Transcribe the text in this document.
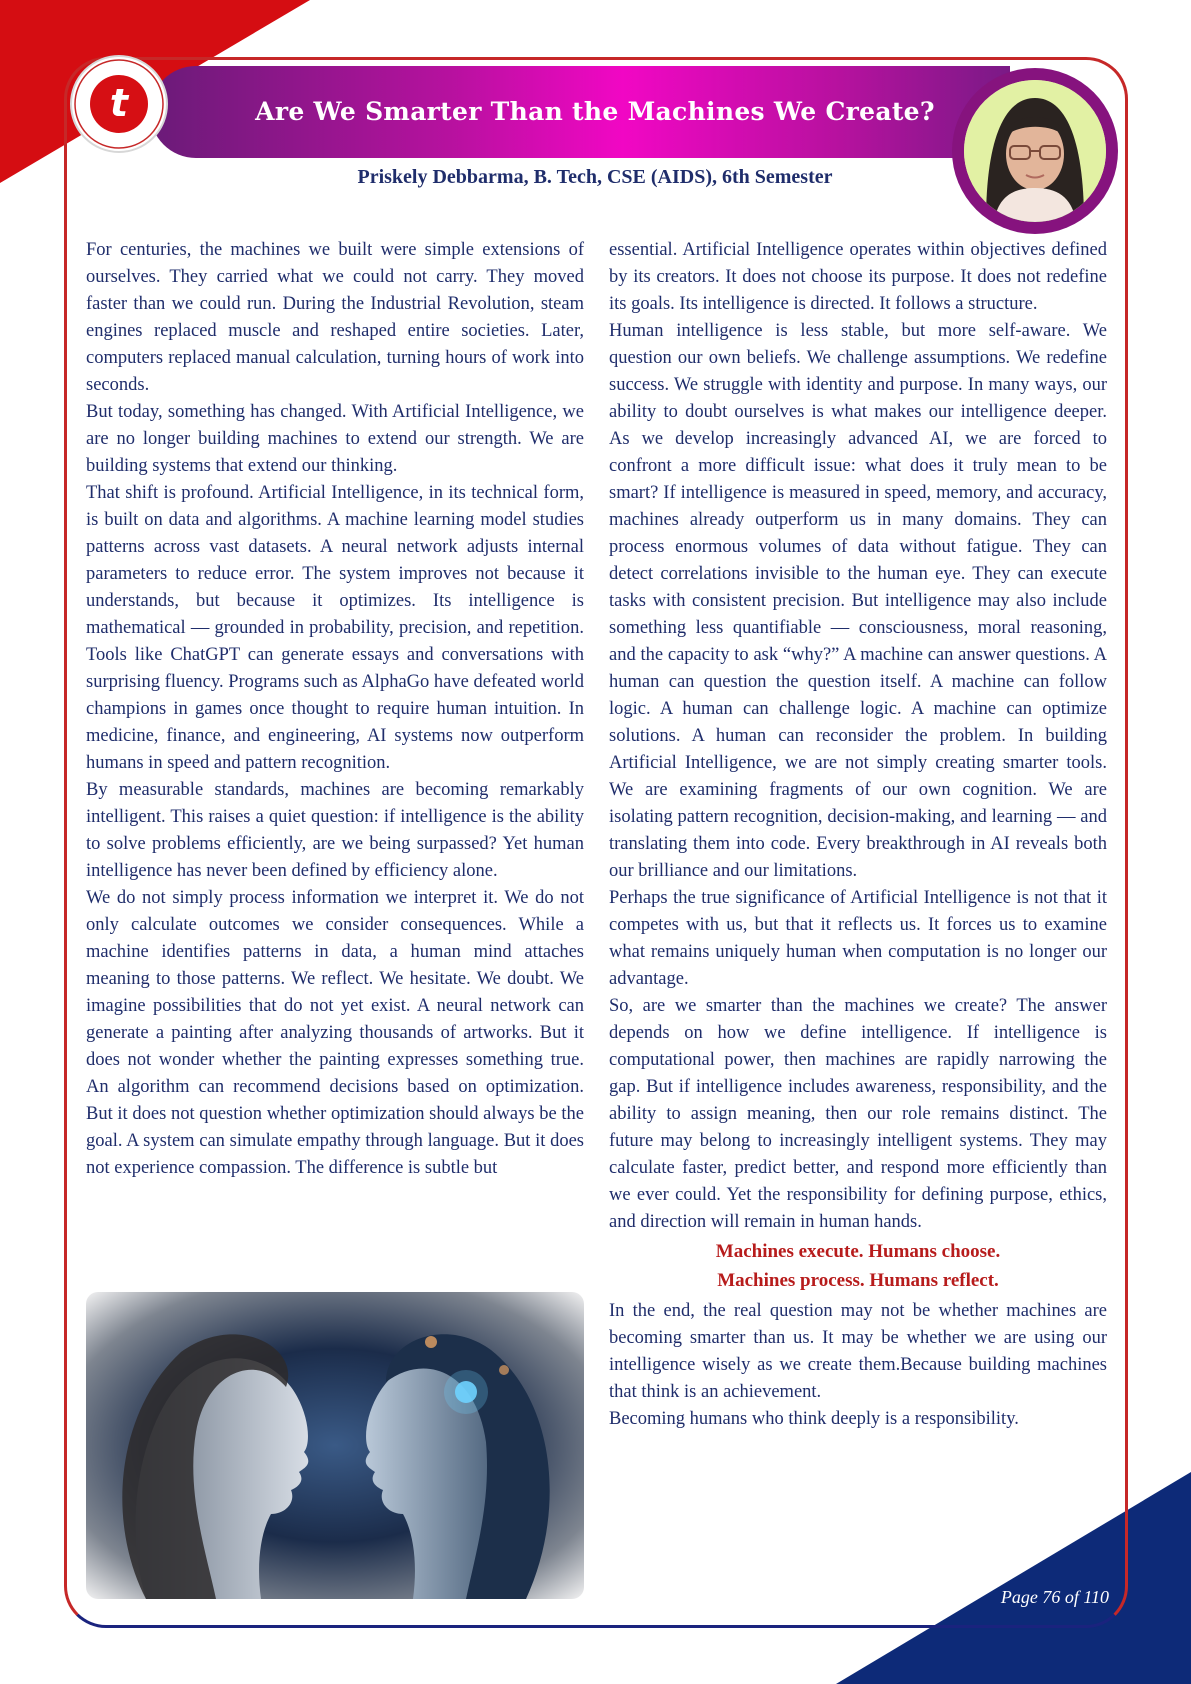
Are We Smarter Than the Machines We Create?
t
Priskely Debbarma, B. Tech, CSE (AIDS), 6th Semester

For centuries, the machines we built were simple extensions of ourselves. They carried what we could not carry. They moved faster than we could run. During the Industrial Revolution, steam engines replaced muscle and reshaped entire societies. Later, computers replaced manual calculation, turning hours of work into seconds.

But today, something has changed. With Artificial Intelligence, we are no longer building machines to extend our strength. We are building systems that extend our thinking.

That shift is profound. Artificial Intelligence, in its technical form, is built on data and algorithms. A machine learning model studies patterns across vast datasets. A neural network adjusts internal parameters to reduce error. The system improves not because it understands, but because it optimizes. Its intelligence is mathematical — grounded in probability, precision, and repetition. Tools like ChatGPT can generate essays and conversations with surprising fluency. Programs such as AlphaGo have defeated world champions in games once thought to require human intuition. In medicine, finance, and engineering, AI systems now outperform humans in speed and pattern recognition.

By measurable standards, machines are becoming remarkably intelligent. This raises a quiet question: if intelligence is the ability to solve problems efficiently, are we being surpassed? Yet human intelligence has never been defined by efficiency alone.

We do not simply process information we interpret it. We do not only calculate outcomes we consider consequences. While a machine identifies patterns in data, a human mind attaches meaning to those patterns. We reflect. We hesitate. We doubt. We imagine possibilities that do not yet exist. A neural network can generate a painting after analyzing thousands of artworks. But it does not wonder whether the painting expresses something true. An algorithm can recommend decisions based on optimization. But it does not question whether optimization should always be the goal. A system can simulate empathy through language. But it does not experience compassion. The difference is subtle but

essential. Artificial Intelligence operates within objectives defined by its creators. It does not choose its purpose. It does not redefine its goals. Its intelligence is directed. It follows a structure.

Human intelligence is less stable, but more self-aware. We question our own beliefs. We challenge assumptions. We redefine success. We struggle with identity and purpose. In many ways, our ability to doubt ourselves is what makes our intelligence deeper. As we develop increasingly advanced AI, we are forced to confront a more difficult issue: what does it truly mean to be smart? If intelligence is measured in speed, memory, and accuracy, machines already outperform us in many domains. They can process enormous volumes of data without fatigue. They can detect correlations invisible to the human eye. They can execute tasks with consistent precision. But intelligence may also include something less quantifiable — consciousness, moral reasoning, and the capacity to ask “why?” A machine can answer questions. A human can question the question itself. A machine can follow logic. A human can challenge logic. A machine can optimize solutions. A human can reconsider the problem. In building Artificial Intelligence, we are not simply creating smarter tools. We are examining fragments of our own cognition. We are isolating pattern recognition, decision-making, and learning — and translating them into code. Every breakthrough in AI reveals both our brilliance and our limitations.

Perhaps the true significance of Artificial Intelligence is not that it competes with us, but that it reflects us. It forces us to examine what remains uniquely human when computation is no longer our advantage.

So, are we smarter than the machines we create? The answer depends on how we define intelligence. If intelligence is computational power, then machines are rapidly narrowing the gap. But if intelligence includes awareness, responsibility, and the ability to assign meaning, then our role remains distinct. The future may belong to increasingly intelligent systems. They may calculate faster, predict better, and respond more efficiently than we ever could. Yet the responsibility for defining purpose, ethics, and direction will remain in human hands.

Machines execute. Humans choose.

Machines process. Humans reflect.

In the end, the real question may not be whether machines are becoming smarter than us. It may be whether we are using our intelligence wisely as we create them.Because building machines that think is an achievement.

Becoming humans who think deeply is a responsibility.

Page 76 of 110
